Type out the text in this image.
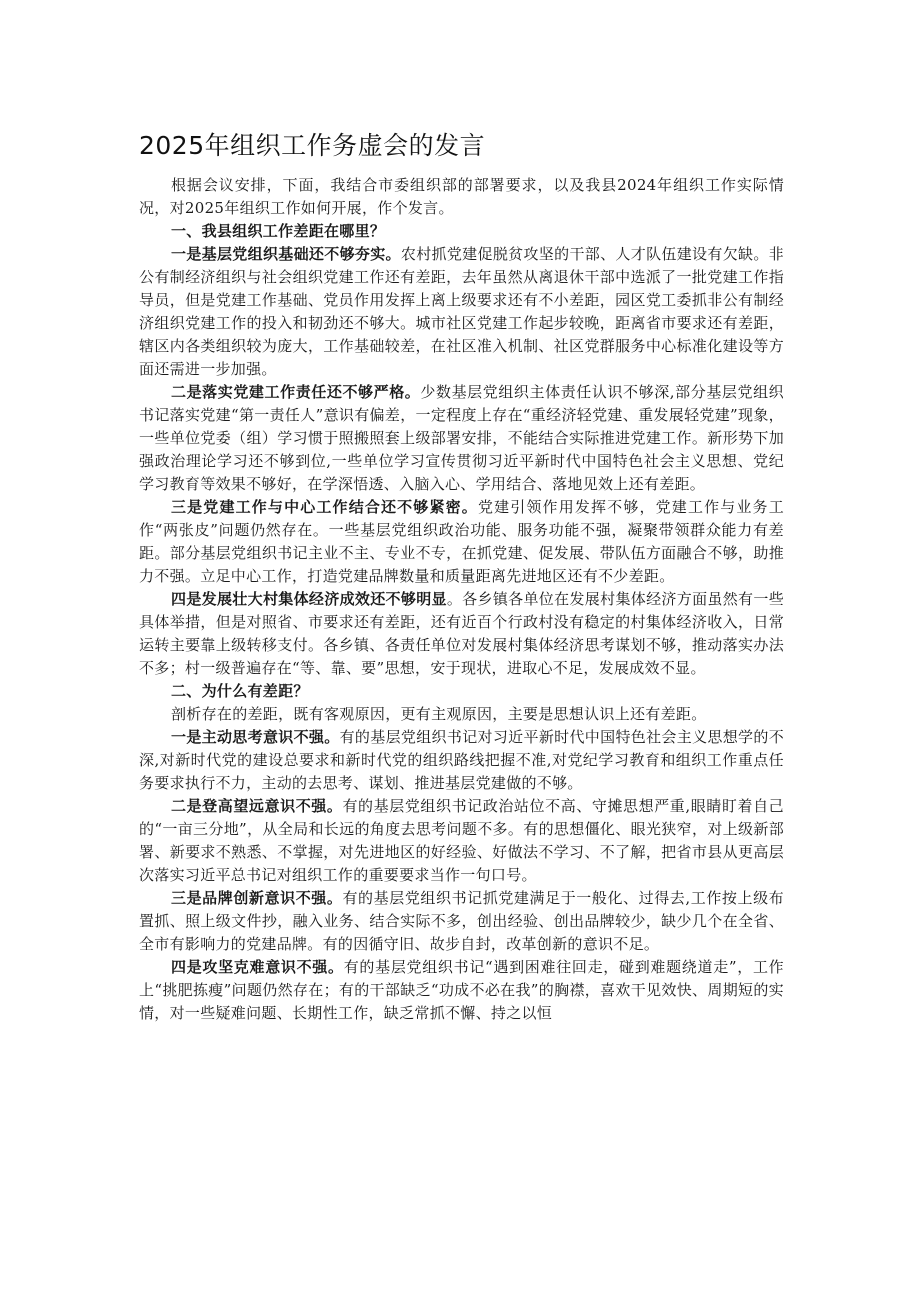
2025年组织工作务虚会的发言

根据会议安排，下面，我结合市委组织部的部署要求，以及我县2024年组织工作实际情况，对2025年组织工作如何开展，作个发言。

一、我县组织工作差距在哪里？

一是基层党组织基础还不够夯实。农村抓党建促脱贫攻坚的干部、人才队伍建设有欠缺。非公有制经济组织与社会组织党建工作还有差距，去年虽然从离退休干部中选派了一批党建工作指导员，但是党建工作基础、党员作用发挥上离上级要求还有不小差距，园区党工委抓非公有制经济组织党建工作的投入和韧劲还不够大。城市社区党建工作起步较晚，距离省市要求还有差距，辖区内各类组织较为庞大，工作基础较差，在社区准入机制、社区党群服务中心标准化建设等方面还需进一步加强。

二是落实党建工作责任还不够严格。少数基层党组织主体责任认识不够深,部分基层党组织书记落实党建“第一责任人”意识有偏差，一定程度上存在“重经济轻党建、重发展轻党建”现象，一些单位党委（组）学习惯于照搬照套上级部署安排，不能结合实际推进党建工作。新形势下加强政治理论学习还不够到位,一些单位学习宣传贯彻习近平新时代中国特色社会主义思想、党纪学习教育等效果不够好，在学深悟透、入脑入心、学用结合、落地见效上还有差距。

三是党建工作与中心工作结合还不够紧密。党建引领作用发挥不够，党建工作与业务工作“两张皮”问题仍然存在。一些基层党组织政治功能、服务功能不强，凝聚带领群众能力有差距。部分基层党组织书记主业不主、专业不专，在抓党建、促发展、带队伍方面融合不够，助推力不强。立足中心工作，打造党建品牌数量和质量距离先进地区还有不少差距。

四是发展壮大村集体经济成效还不够明显。各乡镇各单位在发展村集体经济方面虽然有一些具体举措，但是对照省、市要求还有差距，还有近百个行政村没有稳定的村集体经济收入，日常运转主要靠上级转移支付。各乡镇、各责任单位对发展村集体经济思考谋划不够，推动落实办法不多；村一级普遍存在“等、靠、要”思想，安于现状，进取心不足，发展成效不显。

二、为什么有差距？

剖析存在的差距，既有客观原因，更有主观原因，主要是思想认识上还有差距。

一是主动思考意识不强。有的基层党组织书记对习近平新时代中国特色社会主义思想学的不深,对新时代党的建设总要求和新时代党的组织路线把握不准,对党纪学习教育和组织工作重点任务要求执行不力，主动的去思考、谋划、推进基层党建做的不够。

二是登高望远意识不强。有的基层党组织书记政治站位不高、守摊思想严重,眼睛盯着自己的“一亩三分地”，从全局和长远的角度去思考问题不多。有的思想僵化、眼光狭窄，对上级新部署、新要求不熟悉、不掌握，对先进地区的好经验、好做法不学习、不了解，把省市县从更高层次落实习近平总书记对组织工作的重要要求当作一句口号。

三是品牌创新意识不强。有的基层党组织书记抓党建满足于一般化、过得去,工作按上级布置抓、照上级文件抄，融入业务、结合实际不多，创出经验、创出品牌较少，缺少几个在全省、全市有影响力的党建品牌。有的因循守旧、故步自封，改革创新的意识不足。

四是攻坚克难意识不强。有的基层党组织书记“遇到困难往回走，碰到难题绕道走”，工作上“挑肥拣瘦”问题仍然存在；有的干部缺乏“功成不必在我”的胸襟，喜欢干见效快、周期短的实情，对一些疑难问题、长期性工作，缺乏常抓不懈、持之以恒
